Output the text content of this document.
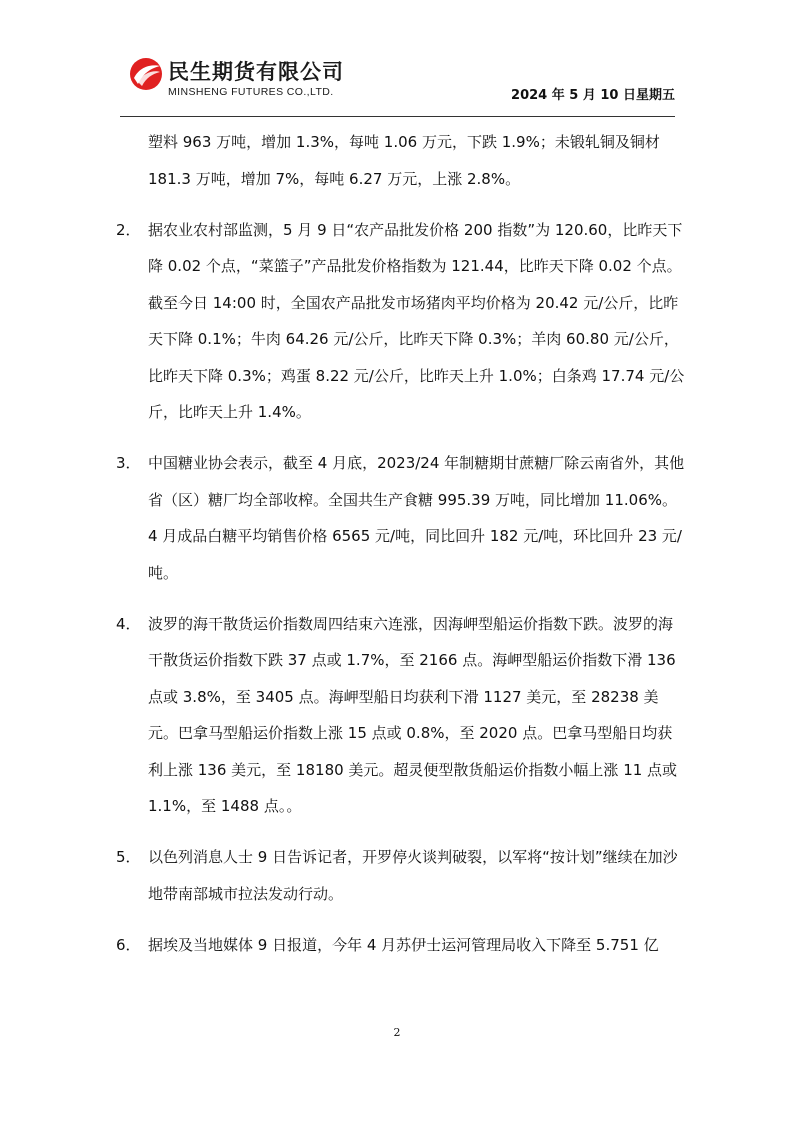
民生期货有限公司
MINSHENG FUTURES CO.,LTD.	2024 年 5 月 10 日星期五
塑料 963 万吨，增加 1.3%，每吨 1.06 万元，下跌 1.9%；未锻轧铜及铜材 181.3 万吨，增加 7%，每吨 6.27 万元，上涨 2.8%。
2． 据农业农村部监测，5 月 9 日“农产品批发价格 200 指数”为 120.60，比昨天下降 0.02 个点，“菜篮子”产品批发价格指数为 121.44，比昨天下降 0.02 个点。截至今日 14:00 时，全国农产品批发市场猪肉平均价格为 20.42 元/公斤，比昨天下降 0.1%；牛肉 64.26 元/公斤，比昨天下降 0.3%；羊肉 60.80 元/公斤，比昨天下降 0.3%；鸡蛋 8.22 元/公斤，比昨天上升 1.0%；白条鸡 17.74 元/公斤，比昨天上升 1.4%。
3． 中国糖业协会表示，截至 4 月底，2023/24 年制糖期甘蔗糖厂除云南省外，其他省（区）糖厂均全部收榨。全国共生产食糖 995.39 万吨，同比增加 11.06%。4 月成品白糖平均销售价格 6565 元/吨，同比回升 182 元/吨，环比回升 23 元/吨。
4． 波罗的海干散货运价指数周四结束六连涨，因海岬型船运价指数下跌。波罗的海干散货运价指数下跌 37 点或 1.7%，至 2166 点。海岬型船运价指数下滑 136 点或 3.8%，至 3405 点。海岬型船日均获利下滑 1127 美元，至 28238 美元。巴拿马型船运价指数上涨 15 点或 0.8%，至 2020 点。巴拿马型船日均获利上涨 136 美元，至 18180 美元。超灵便型散货船运价指数小幅上涨 11 点或 1.1%，至 1488 点。。
5． 以色列消息人士 9 日告诉记者，开罗停火谈判破裂，以军将“按计划”继续在加沙地带南部城市拉法发动行动。
6． 据埃及当地媒体 9 日报道，今年 4 月苏伊士运河管理局收入下降至 5.751 亿
2
